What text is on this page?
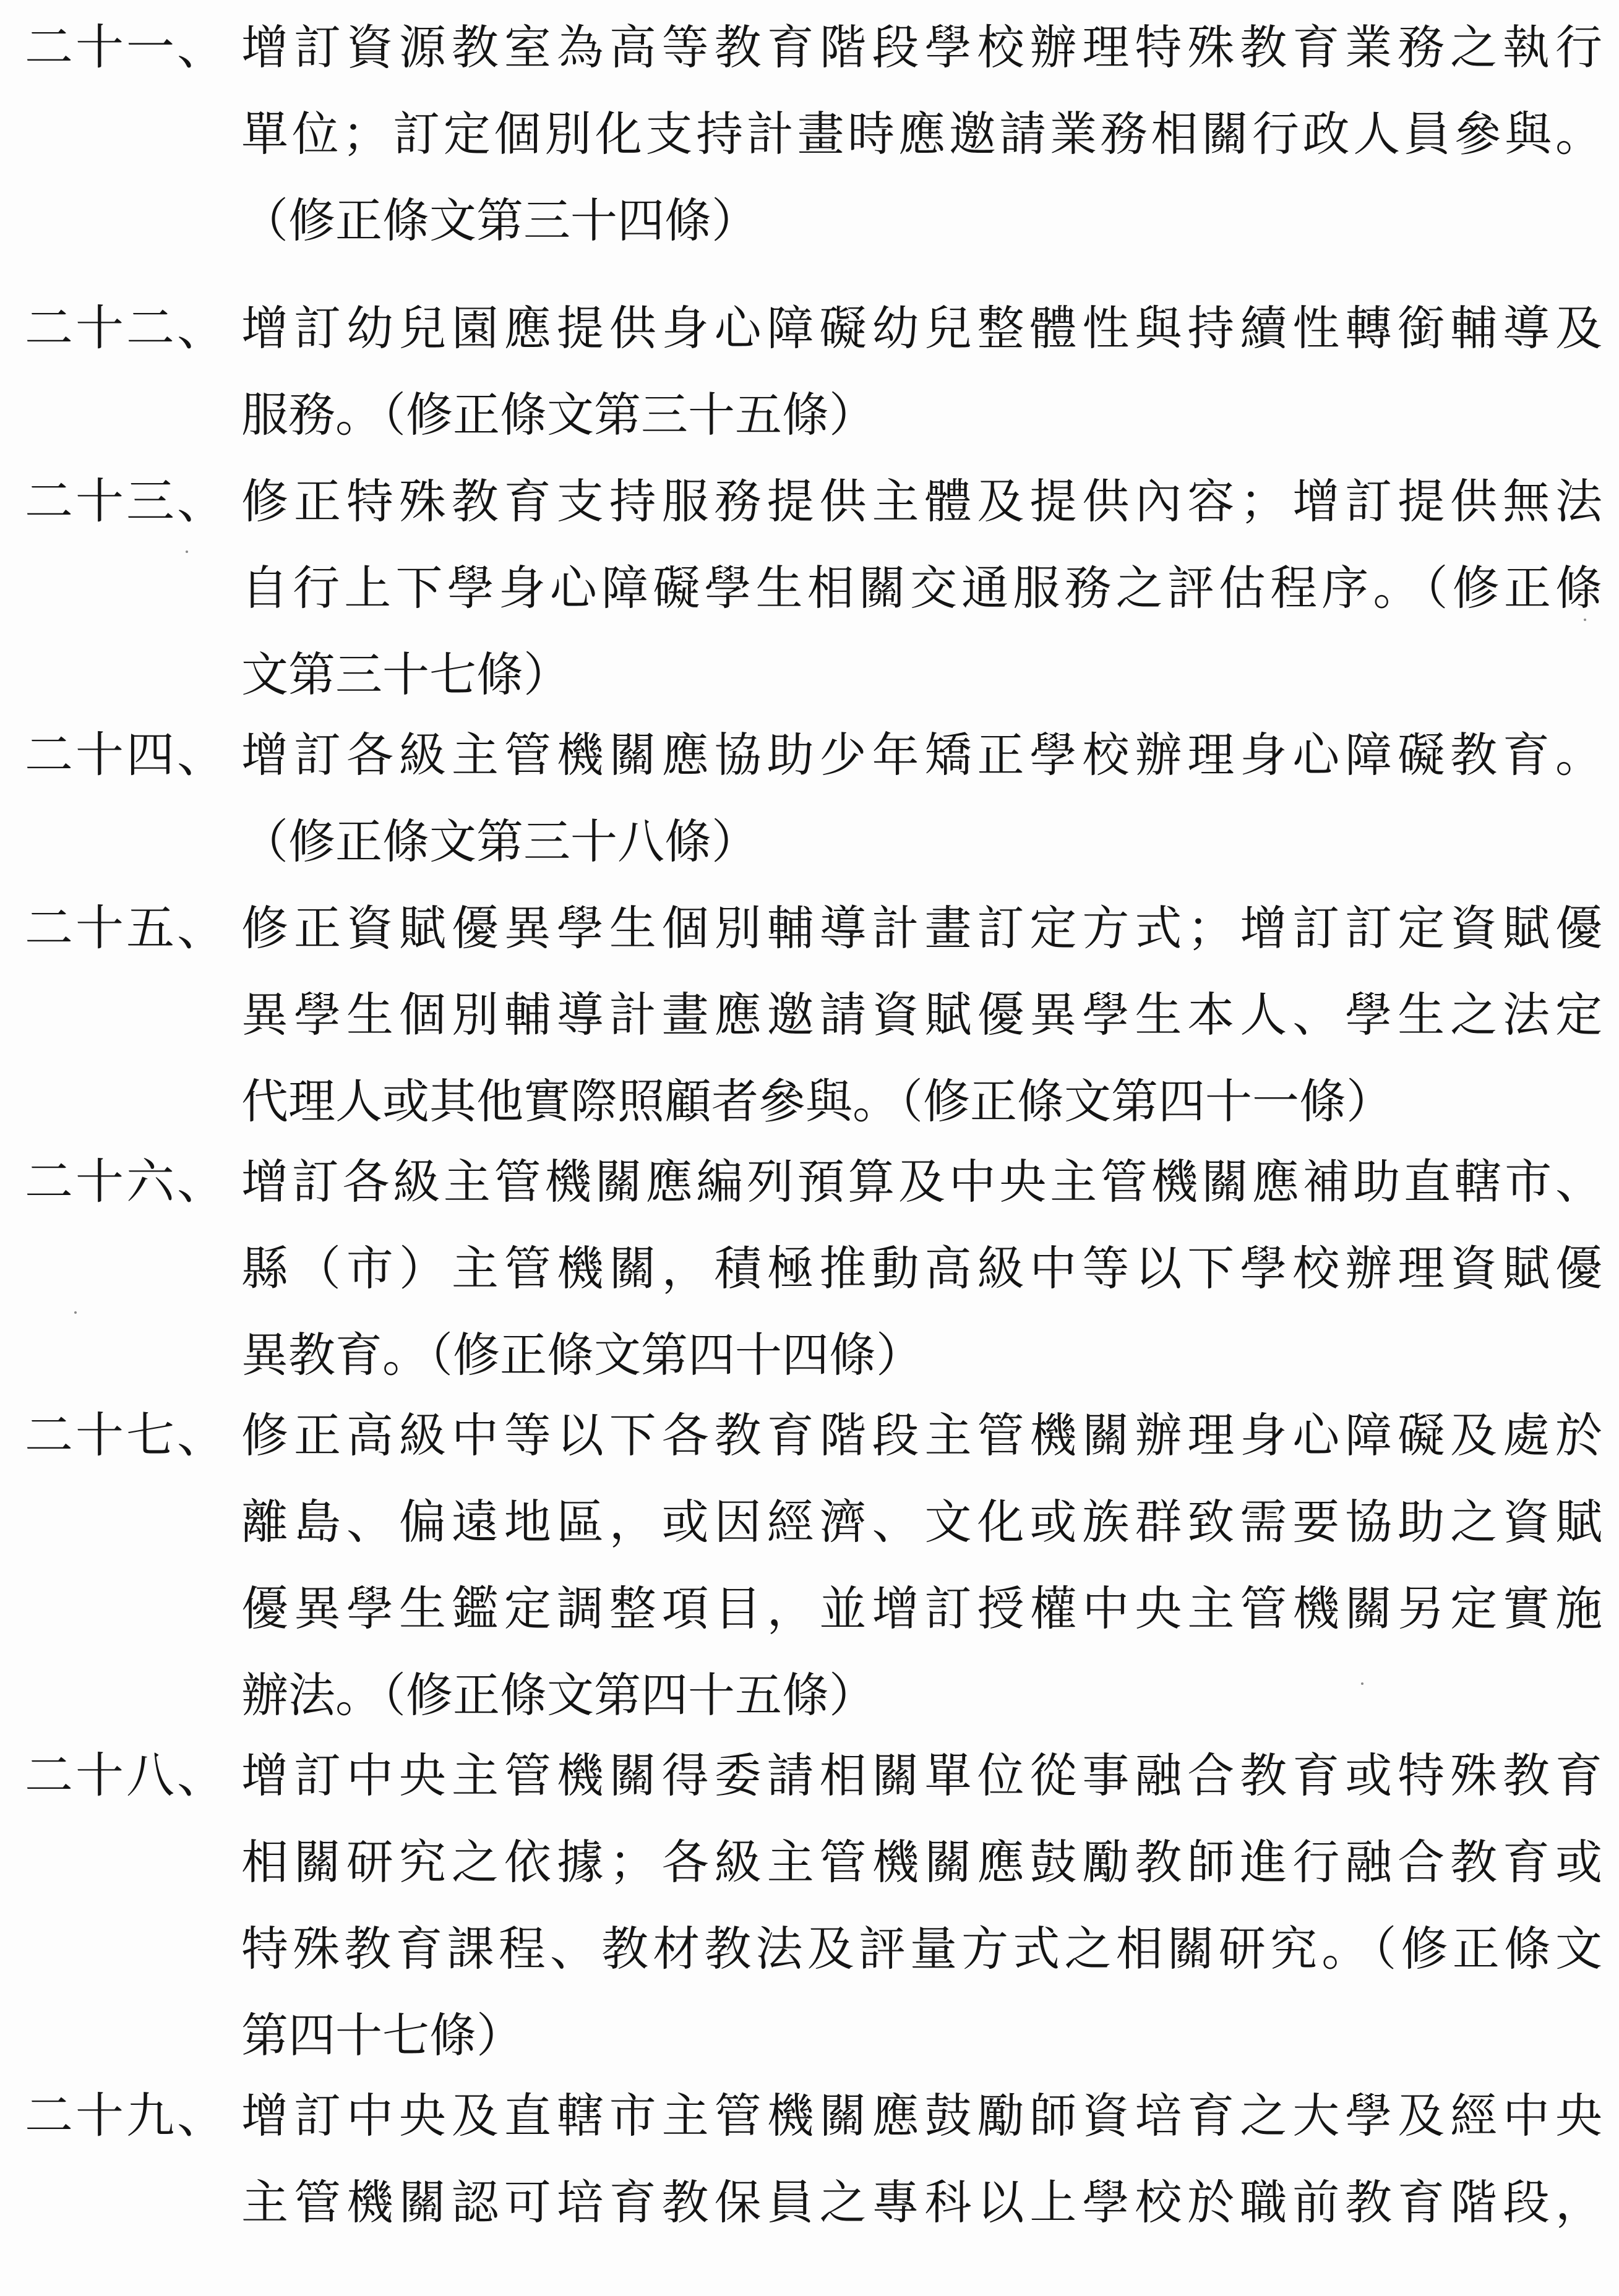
二十一、 增訂資源教室為高等教育階段學校辦理特殊教育業務之執行
單位；訂定個別化支持計畫時應邀請業務相關行政人員參與。
（修正條文第三十四條）
二十二、 增訂幼兒園應提供身心障礙幼兒整體性與持續性轉銜輔導及
服務。（修正條文第三十五條）
二十三、 修正特殊教育支持服務提供主體及提供內容；增訂提供無法
自行上下學身心障礙學生相關交通服務之評估程序。（修正條
文第三十七條）
二十四、 增訂各級主管機關應協助少年矯正學校辦理身心障礙教育。
（修正條文第三十八條）
二十五、 修正資賦優異學生個別輔導計畫訂定方式；增訂訂定資賦優
異學生個別輔導計畫應邀請資賦優異學生本人、學生之法定
代理人或其他實際照顧者參與。（修正條文第四十一條）
二十六、 增訂各級主管機關應編列預算及中央主管機關應補助直轄市、
縣（市）主管機關，積極推動高級中等以下學校辦理資賦優
異教育。（修正條文第四十四條）
二十七、 修正高級中等以下各教育階段主管機關辦理身心障礙及處於
離島、偏遠地區，或因經濟、文化或族群致需要協助之資賦
優異學生鑑定調整項目，並增訂授權中央主管機關另定實施
辦法。（修正條文第四十五條）
二十八、 增訂中央主管機關得委請相關單位從事融合教育或特殊教育
相關研究之依據；各級主管機關應鼓勵教師進行融合教育或
特殊教育課程、教材教法及評量方式之相關研究。（修正條文
第四十七條）
二十九、 增訂中央及直轄市主管機關應鼓勵師資培育之大學及經中央
主管機關認可培育教保員之專科以上學校於職前教育階段，
